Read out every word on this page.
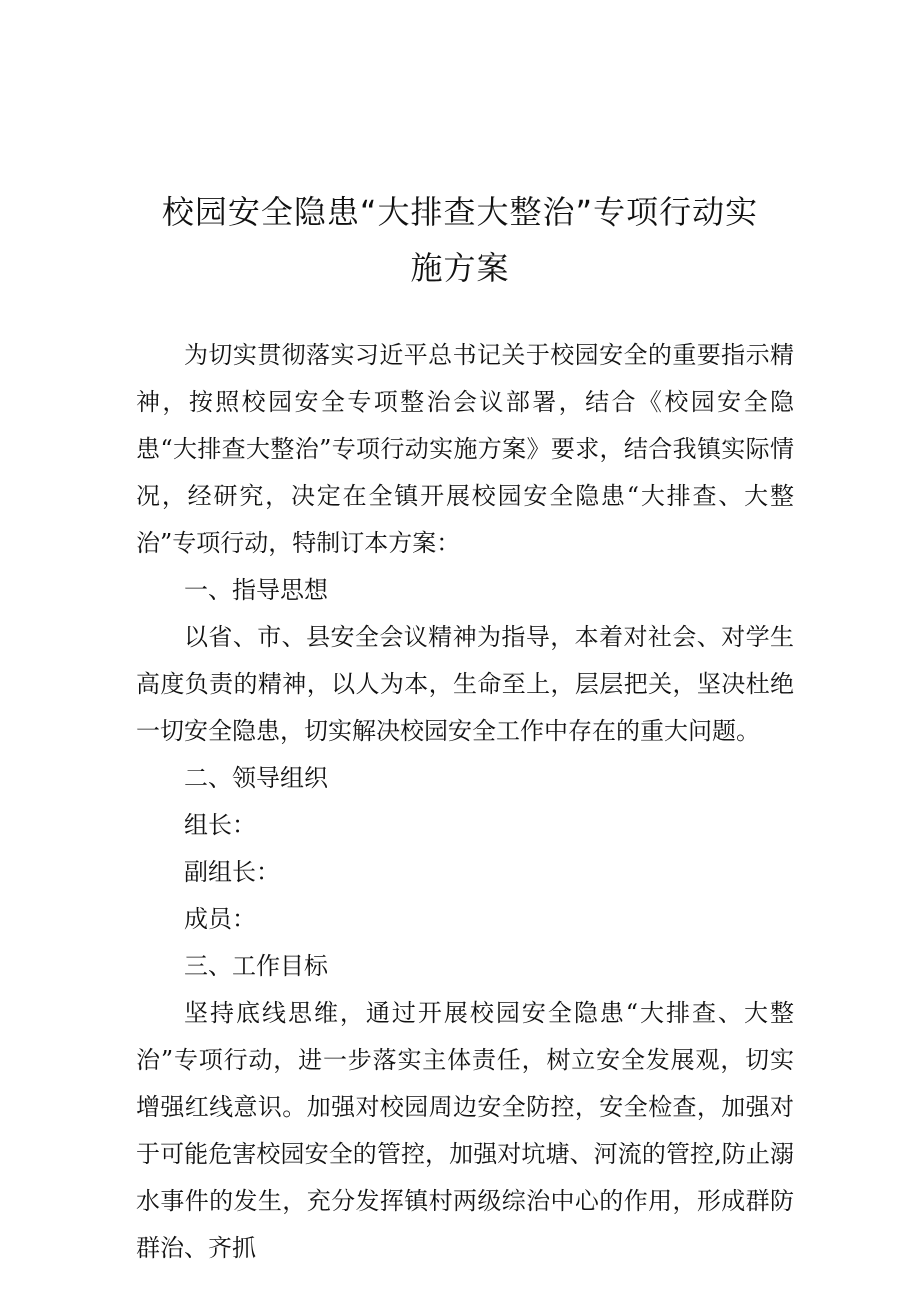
校园安全隐患“大排查大整治”专项行动实
施方案

为切实贯彻落实习近平总书记关于校园安全的重要指示精神，按照校园安全专项整治会议部署，结合《校园安全隐患“大排查大整治”专项行动实施方案》要求，结合我镇实际情况，经研究，决定在全镇开展校园安全隐患“大排查、大整治”专项行动，特制订本方案：

一、指导思想

以省、市、县安全会议精神为指导，本着对社会、对学生高度负责的精神，以人为本，生命至上，层层把关，坚决杜绝一切安全隐患，切实解决校园安全工作中存在的重大问题。

二、领导组织

组长：

副组长：

成员：

三、工作目标

坚持底线思维，通过开展校园安全隐患“大排查、大整治”专项行动，进一步落实主体责任，树立安全发展观，切实增强红线意识。加强对校园周边安全防控，安全检查，加强对于可能危害校园安全的管控，加强对坑塘、河流的管控,防止溺水事件的发生，充分发挥镇村两级综治中心的作用，形成群防群治、齐抓
